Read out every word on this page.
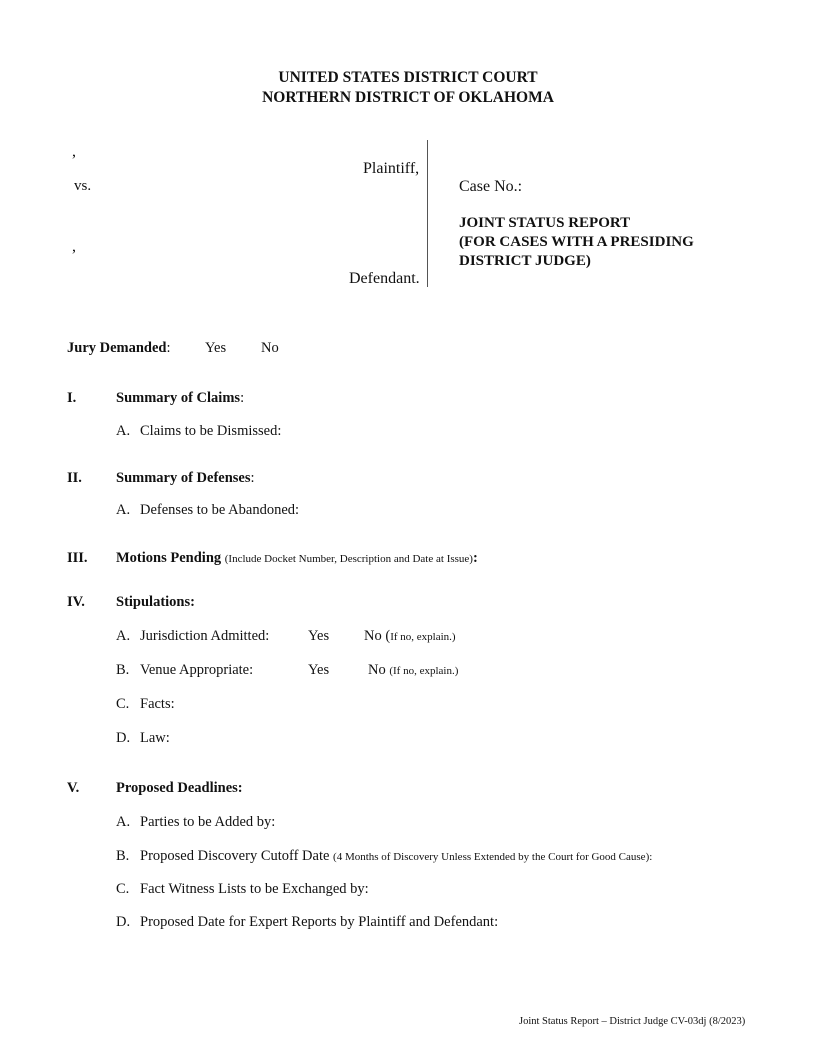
UNITED STATES DISTRICT COURT
NORTHERN DISTRICT OF OKLAHOMA
,
Plaintiff,
vs.
,
Defendant.
Case No.:
JOINT STATUS REPORT
(FOR CASES WITH A PRESIDING
DISTRICT JUDGE)
Jury Demanded: Yes No
I.	Summary of Claims:
A. Claims to be Dismissed:
II. Summary of Defenses:
A. Defenses to be Abandoned:
III. Motions Pending (Include Docket Number, Description and Date at Issue):
IV. Stipulations:
A. Jurisdiction Admitted:	Yes No (If no, explain.)
B. Venue Appropriate:	Yes	No (If no, explain.)
C. Facts:
D. Law:
V.	Proposed Deadlines:
A. Parties to be Added by:
B. Proposed Discovery Cutoff Date (4 Months of Discovery Unless Extended by the Court for Good Cause):
C. Fact Witness Lists to be Exchanged by:
D. Proposed Date for Expert Reports by Plaintiff and Defendant:
Joint Status Report – District Judge CV-03dj (8/2023)
